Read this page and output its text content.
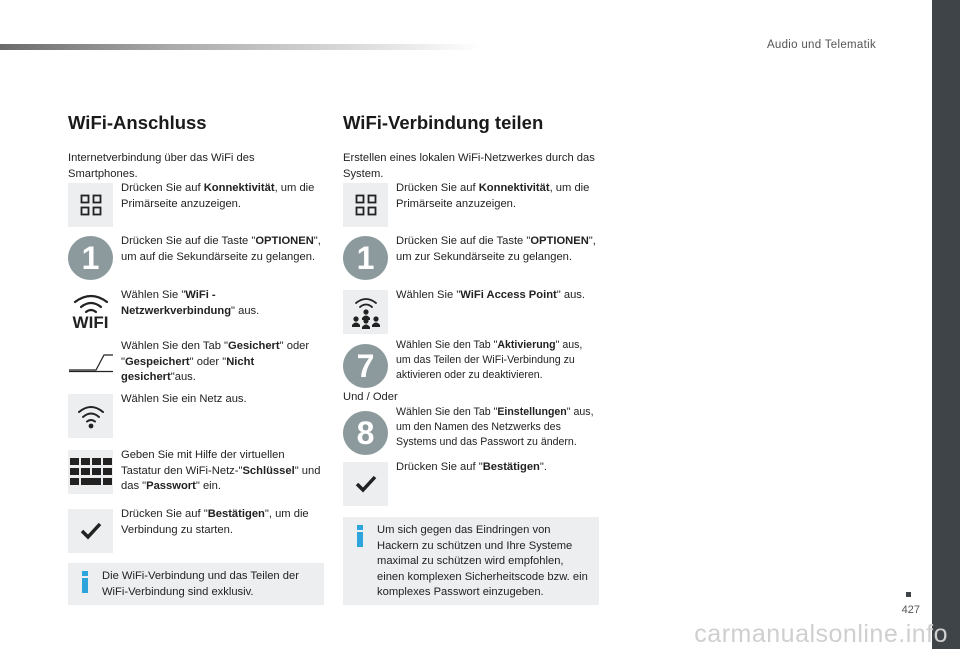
Audio und Telematik
427
carmanualsonline.info
WiFi-Anschluss
Internetverbindung über das WiFi des Smartphones.
Drücken Sie auf Konnektivität, um die Primärseite anzuzeigen.
1	Drücken Sie auf die Taste "OPTIONEN", um auf die Sekundärseite zu gelangen.
WIFI
Wählen Sie "WiFi -Netzwerkverbindung" aus.
Wählen Sie den Tab "Gesichert" oder "Gespeichert" oder "Nicht gesichert"aus.
Wählen Sie ein Netz aus.
Geben Sie mit Hilfe der virtuellen Tastatur den WiFi-Netz-"Schlüssel" und das "Passwort" ein.
Drücken Sie auf "Bestätigen", um die Verbindung zu starten.
Die WiFi-Verbindung und das Teilen der WiFi-Verbindung sind exklusiv.
WiFi-Verbindung teilen
Erstellen eines lokalen WiFi-Netzwerkes durch das System.
Drücken Sie auf Konnektivität, um die Primärseite anzuzeigen.
1	Drücken Sie auf die Taste "OPTIONEN", um zur Sekundärseite zu gelangen.
Wählen Sie "WiFi Access Point" aus.
7
Wählen Sie den Tab "Aktivierung" aus, um das Teilen der WiFi-Verbindung zu aktivieren oder zu deaktivieren.
Und / Oder
8
Wählen Sie den Tab "Einstellungen" aus, um den Namen des Netzwerks des Systems und das Passwort zu ändern.
Drücken Sie auf "Bestätigen".
Um sich gegen das Eindringen von Hackern zu schützen und Ihre Systeme maximal zu schützen wird empfohlen, einen komplexen Sicherheitscode bzw. ein komplexes Passwort einzugeben.
